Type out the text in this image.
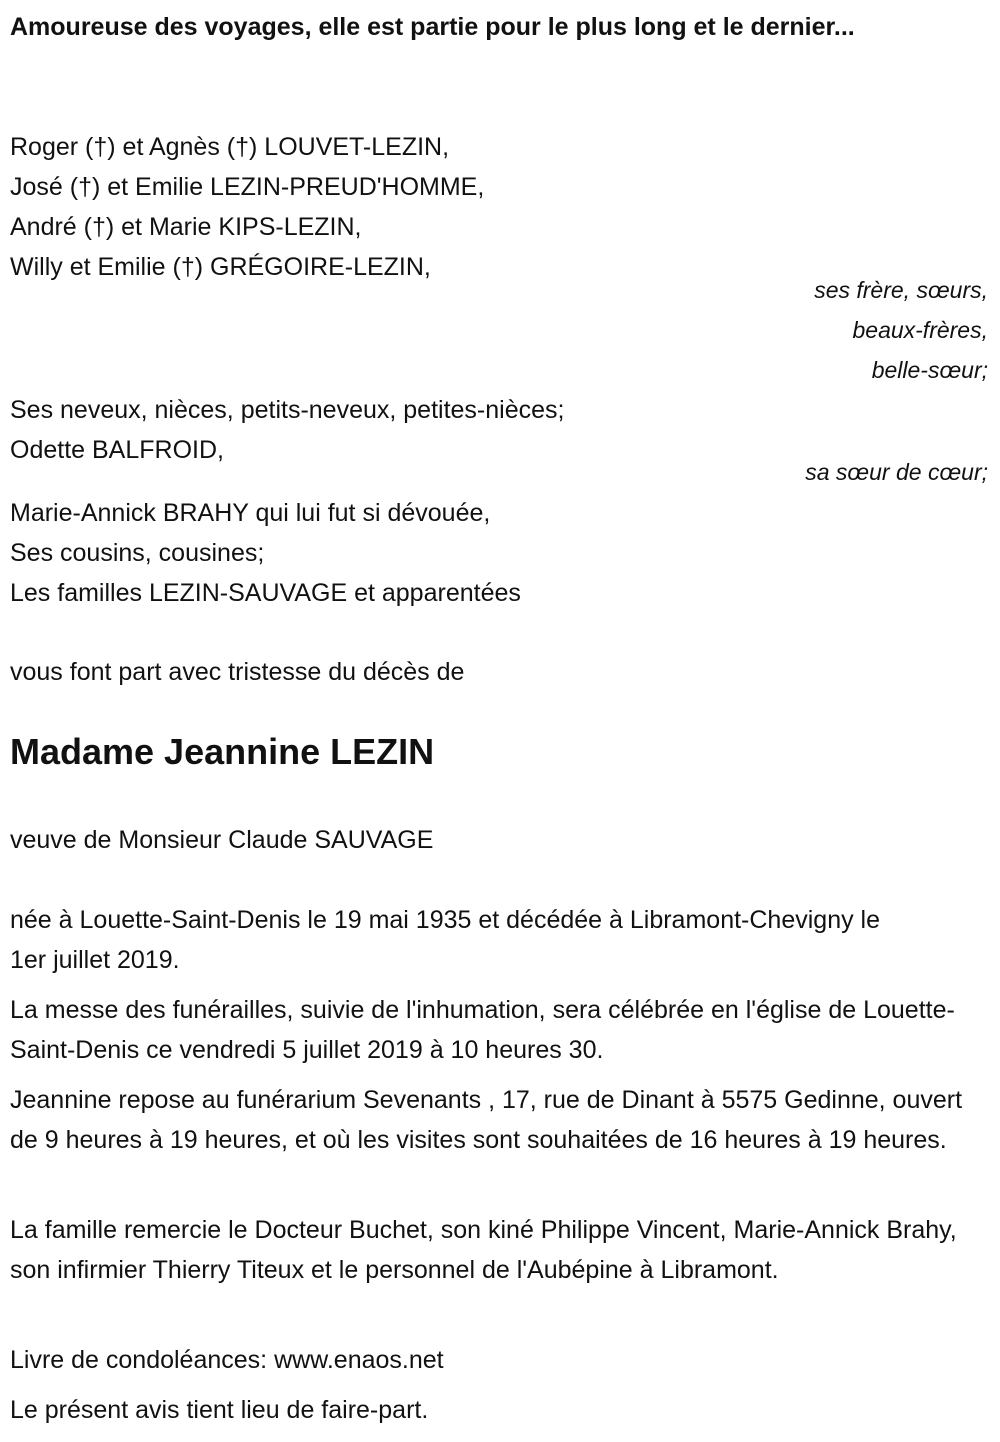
Amoureuse des voyages, elle est partie pour le plus long et le dernier...
Roger (†) et Agnès (†) LOUVET-LEZIN,
José (†) et Emilie LEZIN-PREUD'HOMME,
André (†) et Marie KIPS-LEZIN,
Willy et Emilie (†) GRÉGOIRE-LEZIN,
ses frère, sœurs,
beaux-frères,
belle-sœur;
Ses neveux, nièces, petits-neveux, petites-nièces;
Odette BALFROID,
sa sœur de cœur;
Marie-Annick BRAHY qui lui fut si dévouée,
Ses cousins, cousines;
Les familles LEZIN-SAUVAGE et apparentées
vous font part avec tristesse du décès de
Madame Jeannine LEZIN
veuve de Monsieur Claude SAUVAGE
née à Louette-Saint-Denis le 19 mai 1935 et décédée à Libramont-Chevigny le 1er juillet 2019.
La messe des funérailles, suivie de l'inhumation, sera célébrée en l'église de Louette-Saint-Denis ce vendredi 5 juillet 2019 à 10 heures 30.
Jeannine repose au funérarium Sevenants , 17, rue de Dinant à 5575 Gedinne, ouvert de 9 heures à 19 heures, et où les visites sont souhaitées de 16 heures à 19 heures.
La famille remercie le Docteur Buchet, son kiné Philippe Vincent, Marie-Annick Brahy, son infirmier Thierry Titeux et le personnel de l'Aubépine à Libramont.
Livre de condoléances: www.enaos.net
Le présent avis tient lieu de faire-part.
